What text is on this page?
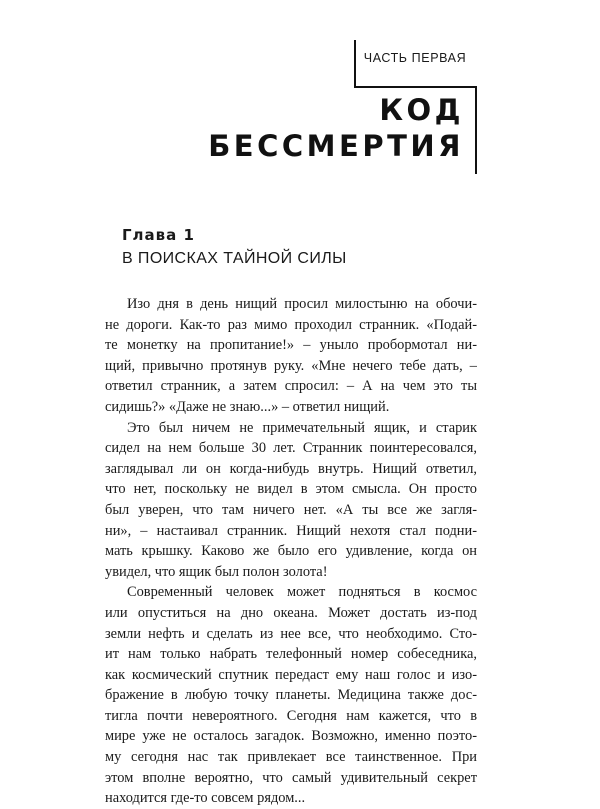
ЧАСТЬ ПЕРВАЯ
КОД
БЕССМЕРТИЯ
Глава 1
В ПОИСКАХ ТАЙНОЙ СИЛЫ
Изо дня в день нищий просил милостыню на обочи-
не дороги. Как-то раз мимо проходил странник. «Подай-
те монетку на пропитание!» – уныло пробормотал ни-
щий, привычно протянув руку. «Мне нечего тебе дать, –
ответил странник, а затем спросил: – А на чем это ты
сидишь?» «Даже не знаю...» – ответил нищий.
Это был ничем не примечательный ящик, и старик
сидел на нем больше 30 лет. Странник поинтересовался,
заглядывал ли он когда-нибудь внутрь. Нищий ответил,
что нет, поскольку не видел в этом смысла. Он просто
был уверен, что там ничего нет. «А ты все же загля-
ни», – настаивал странник. Нищий нехотя стал подни-
мать крышку. Каково же было его удивление, когда он
увидел, что ящик был полон золота!
Современный человек может подняться в космос
или опуститься на дно океана. Может достать из-под
земли нефть и сделать из нее все, что необходимо. Сто-
ит нам только набрать телефонный номер собеседника,
как космический спутник передаст ему наш голос и изо-
бражение в любую точку планеты. Медицина также дос-
тигла почти невероятного. Сегодня нам кажется, что в
мире уже не осталось загадок. Возможно, именно поэто-
му сегодня нас так привлекает все таинственное. При
этом вполне вероятно, что самый удивительный секрет
находится где-то совсем рядом...
